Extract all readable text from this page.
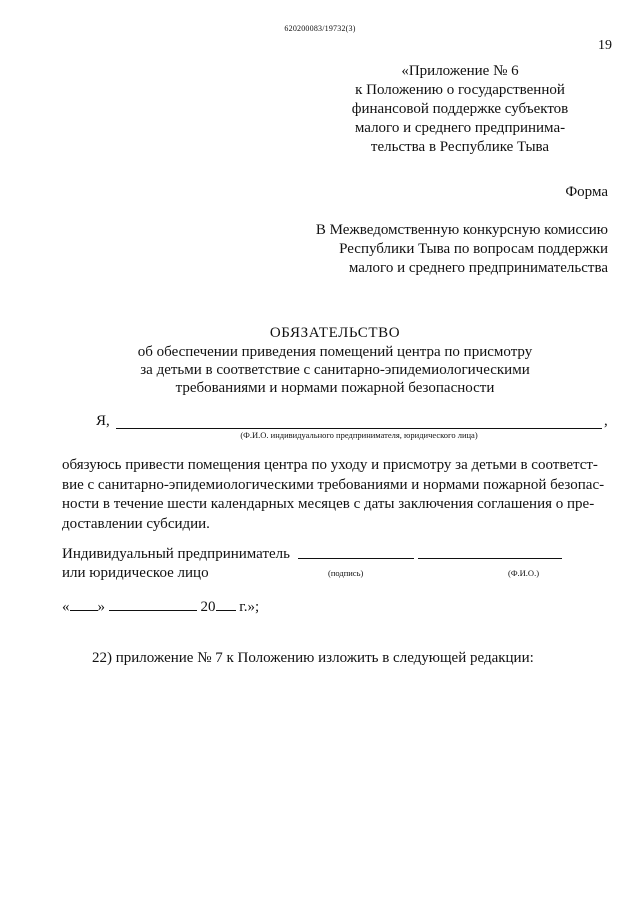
620200083/19732(3)
19
«Приложение № 6
к Положению о государственной
финансовой поддержке субъектов
малого и среднего предпринима-
тельства в Республике Тыва
Форма
В Межведомственную конкурсную комиссию
Республики Тыва по вопросам поддержки
малого и среднего предпринимательства
ОБЯЗАТЕЛЬСТВО
об обеспечении приведения помещений центра по присмотру
за детьми в соответствие с санитарно-эпидемиологическими
требованиями и нормами пожарной безопасности
Я,	,
(Ф.И.О. индивидуального предпринимателя, юридического лица)
обязуюсь привести помещения центра по уходу и присмотру за детьми в соответст-
вие с санитарно-эпидемиологическими требованиями и нормами пожарной безопас-
ности в течение шести календарных месяцев с даты заключения соглашения о пре-
доставлении субсидии.
Индивидуальный предприниматель
или юридическое лицо	(подпись)	(Ф.И.О.)
« »	20 г.»;
22) приложение № 7 к Положению изложить в следующей редакции:
